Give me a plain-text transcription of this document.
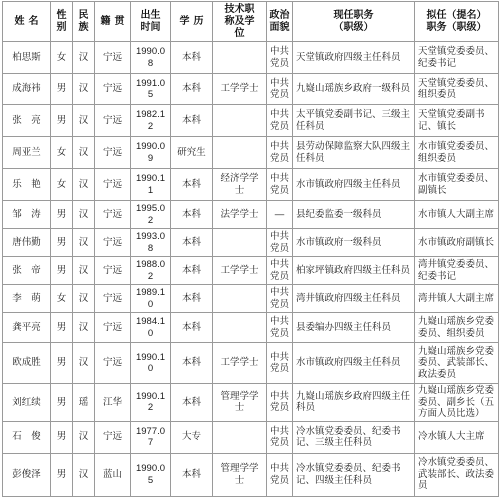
姓名	性别	民族	籍贯	出生时间	学历	技术职称及学位	政治面貌	现任职务（职级）	拟任（提名）职务（职级）
柏思斯	女	汉	宁远	1990.08	本科		中共党员	天堂镇政府四级主任科员	天堂镇党委委员、纪委书记
成海祎	男	汉	宁远	1991.05	本科	工学学士	中共党员	九嶷山瑶族乡政府一级科员	天堂镇党委委员、组织委员
张　亮	男	汉	宁远	1982.12	本科		中共党员	太平镇党委副书记、三级主任科员	天堂镇党委副书记、镇长
周亚兰	女	汉	宁远	1990.09	研究生		中共党员	县劳动保障监察大队四级主任科员	水市镇党委委员、组织委员
乐　艳	女	汉	宁远	1990.11	本科	经济学学士	中共党员	水市镇政府四级主任科员	水市镇党委委员、副镇长
邹　涛	男	汉	宁远	1995.02	本科	法学学士	—	县纪委监委一级科员	水市镇人大副主席
唐伟勤	男	汉	宁远	1993.08	本科		中共党员	水市镇政府一级科员	水市镇政府副镇长
张　帝	男	汉	宁远	1988.02	本科	工学学士	中共党员	柏家坪镇政府四级主任科员	湾井镇党委委员、纪委书记
李　萌	女	汉	宁远	1989.10	本科		中共党员	湾井镇政府四级主任科员	湾井镇人大副主席
龚平亮	男	汉	宁远	1984.10	本科		中共党员	县委编办四级主任科员	九嶷山瑶族乡党委委员、组织委员
欧成胜	男	汉	宁远	1990.10	本科	工学学士	中共党员	水市镇政府四级主任科员	九嶷山瑶族乡党委委员、武装部长、政法委员
刘红续	男	瑶	江华	1990.12	本科	管理学学士	中共党员	九嶷山瑶族乡政府四级主任科员	九嶷山瑶族乡党委委员、副乡长（五方面人员比选）
石　俊	男	汉	宁远	1977.07	大专		中共党员	冷水镇党委委员、纪委书记、三级主任科员	冷水镇人大主席
彭俊泽	男	汉	蓝山	1990.05	本科	管理学学士	中共党员	冷水镇党委委员、纪委书记、四级主任科员	冷水镇党委委员、武装部长、政法委员
